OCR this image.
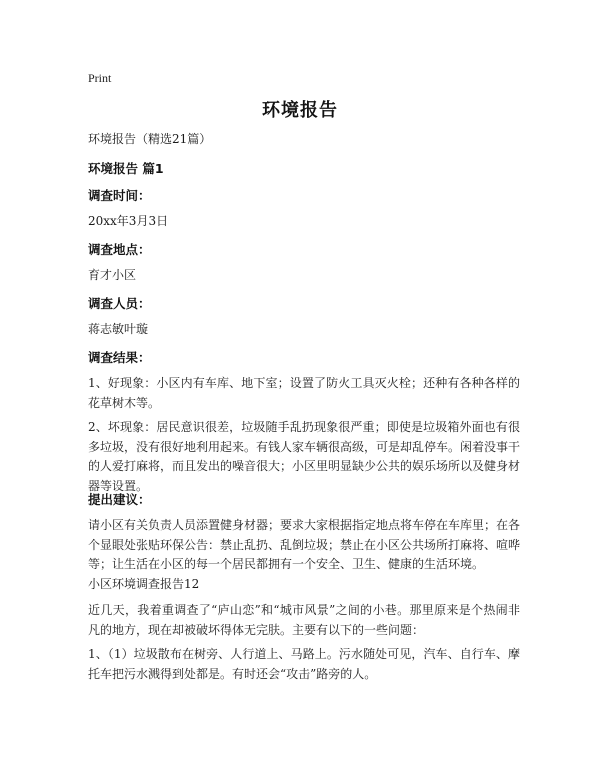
Print
环境报告
环境报告（精选21篇）
环境报告 篇1
调查时间：
20xx年3月3日
调查地点：
育才小区
调查人员：
蒋志敏叶璇
调查结果：
1、好现象：小区内有车库、地下室；设置了防火工具灭火栓；还种有各种各样的花草树木等。
2、坏现象：居民意识很差，垃圾随手乱扔现象很严重；即使是垃圾箱外面也有很多垃圾，没有很好地利用起来。有钱人家车辆很高级，可是却乱停车。闲着没事干的人爱打麻将，而且发出的噪音很大；小区里明显缺少公共的娱乐场所以及健身材器等设置。
提出建议：
请小区有关负责人员添置健身材器；要求大家根据指定地点将车停在车库里；在各个显眼处张贴环保公告：禁止乱扔、乱倒垃圾；禁止在小区公共场所打麻将、喧哗等；让生活在小区的每一个居民都拥有一个安全、卫生、健康的生活环境。
小区环境调查报告12
近几天，我着重调查了“庐山恋”和“城市风景”之间的小巷。那里原来是个热闹非凡的地方，现在却被破坏得体无完肤。主要有以下的一些问题：
1、（1）垃圾散布在树旁、人行道上、马路上。污水随处可见，汽车、自行车、摩托车把污水溅得到处都是。有时还会“攻击”路旁的人。
